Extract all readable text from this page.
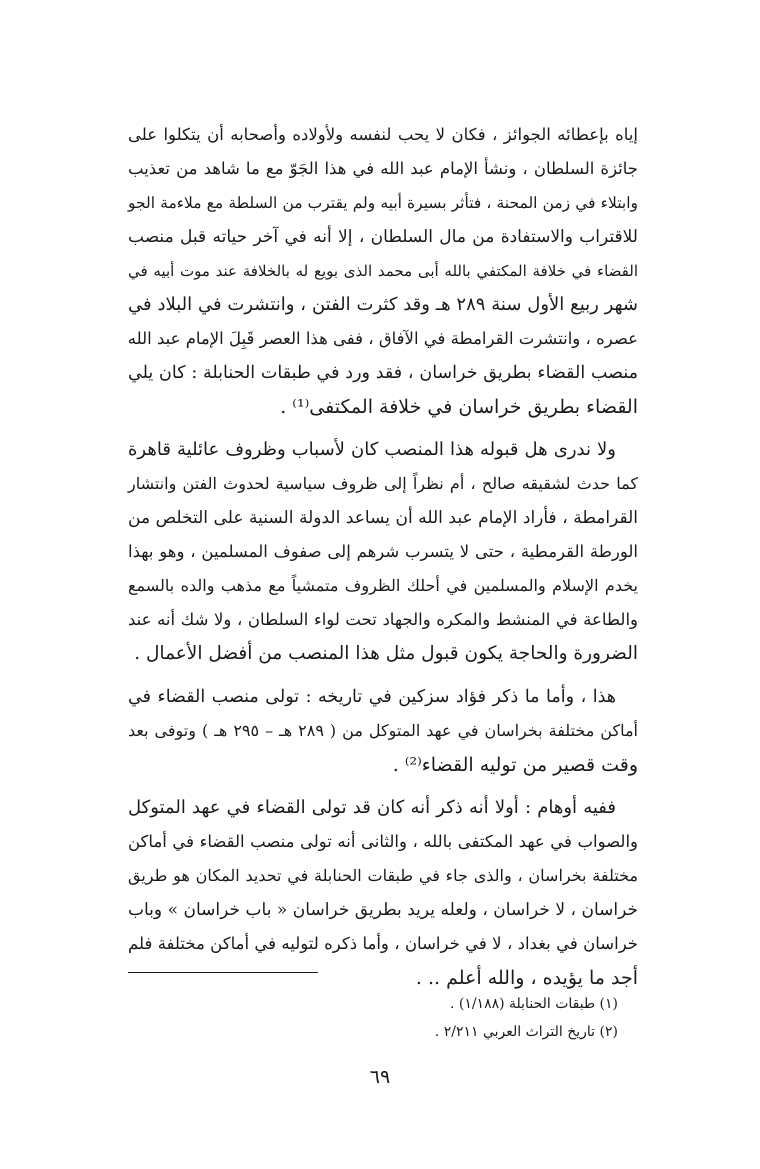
إياه بإعطائه الجوائز ، فكان لا يحب لنفسه ولأولاده وأصحابه أن يتكلوا على
جائزة السلطان ، ونشأ الإمام عبد الله في هذا الجَوّ مع ما شاهد من تعذيب
وابتلاء في زمن المحنة ، فتأثر بسيرة أبيه ولم يقترب من السلطة مع ملاءمة الجو
للاقتراب والاستفادة من مال السلطان ، إلا أنه في آخر حياته قبل منصب
القضاء في خلافة المكتفي بالله أبى محمد الذى بويع له بالخلافة عند موت أبيه في
شهر ربيع الأول سنة ٢٨٩ هـ وقد كثرت الفتن ، وانتشرت في البلاد في
عصره ، وانتشرت القرامطة في الآفاق ، ففى هذا العصر قَبِلَ الإمام عبد الله
منصب القضاء بطريق خراسان ، فقد ورد في طبقات الحنابلة : كان يلي
القضاء بطريق خراسان في خلافة المكتفى⁽¹⁾ .
ولا ندرى هل قبوله هذا المنصب كان لأسباب وظروف عائلية قاهرة
كما حدث لشقيقه صالح ، أم نظراً إلى ظروف سياسية لحدوث الفتن وانتشار
القرامطة ، فأراد الإمام عبد الله أن يساعد الدولة السنية على التخلص من
الورطة القرمطية ، حتى لا يتسرب شرهم إلى صفوف المسلمين ، وهو بهذا
يخدم الإسلام والمسلمين في أحلك الظروف متمشياً مع مذهب والده بالسمع
والطاعة في المنشط والمكره والجهاد تحت لواء السلطان ، ولا شك أنه عند
الضرورة والحاجة يكون قبول مثل هذا المنصب من أفضل الأعمال .
هذا ، وأما ما ذكر فؤاد سزكين في تاريخه : تولى منصب القضاء في
أماكن مختلفة بخراسان في عهد المتوكل من ( ٢٨٩ هـ – ٢٩٥ هـ ) وتوفى بعد
وقت قصير من توليه القضاء⁽²⁾ .
ففيه أوهام : أولا أنه ذكر أنه كان قد تولى القضاء في عهد المتوكل
والصواب في عهد المكتفى بالله ، والثانى أنه تولى منصب القضاء في أماكن
مختلفة بخراسان ، والذى جاء في طبقات الحنابلة في تحديد المكان هو طريق
خراسان ، لا خراسان ، ولعله يريد بطريق خراسان « باب خراسان » وباب
خراسان في بغداد ، لا في خراسان ، وأما ذكره لتوليه في أماكن مختلفة فلم
أجد ما يؤيده ، والله أعلم .. .
(١) طبقات الحنابلة (١/١٨٨) .
(٢) تاريخ التراث العربي ٢/٢١١ .
٦٩
